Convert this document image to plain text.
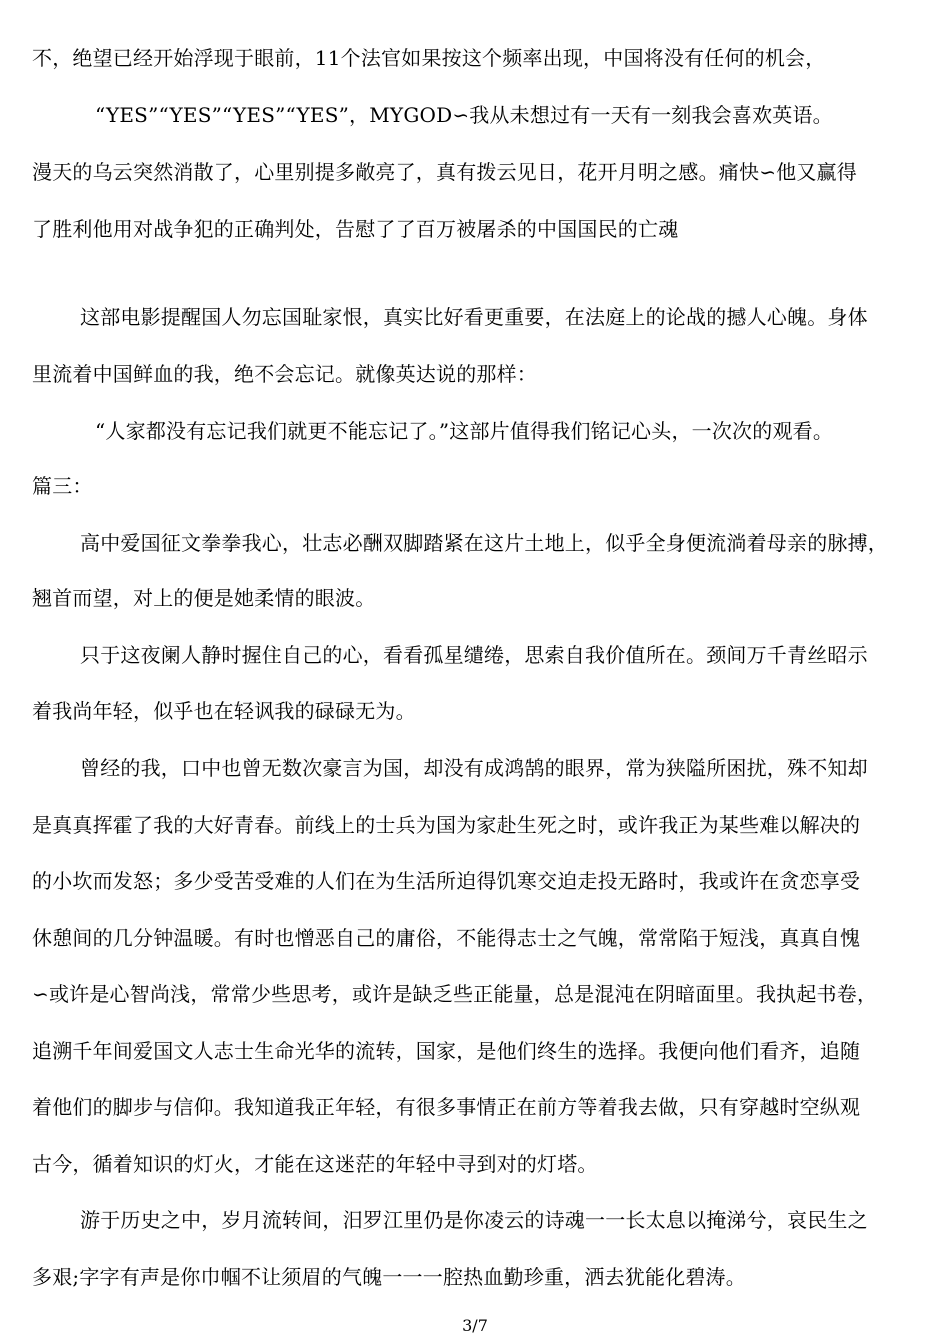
不，绝望已经开始浮现于眼前，11个法官如果按这个频率出现，中国将没有任何的机会，
“YES”“YES”“YES”“YES”，MYGOD∽我从未想过有一天有一刻我会喜欢英语。
漫天的乌云突然消散了，心里别提多敞亮了，真有拨云见日，花开月明之感。痛快∽他又赢得
了胜利他用对战争犯的正确判处，告慰了了百万被屠杀的中国国民的亡魂
这部电影提醒国人勿忘国耻家恨，真实比好看更重要，在法庭上的论战的撼人心魄。身体
里流着中国鲜血的我，绝不会忘记。就像英达说的那样：
“人家都没有忘记我们就更不能忘记了。”这部片值得我们铭记心头，一次次的观看。
篇三：
高中爱国征文拳拳我心，壮志必酬双脚踏紧在这片土地上，似乎全身便流淌着母亲的脉搏，
翘首而望，对上的便是她柔情的眼波。
只于这夜阑人静时握住自己的心，看看孤星缱绻，思索自我价值所在。颈间万千青丝昭示
着我尚年轻，似乎也在轻讽我的碌碌无为。
曾经的我，口中也曾无数次豪言为国，却没有成鸿鹄的眼界，常为狭隘所困扰，殊不知却
是真真挥霍了我的大好青春。前线上的士兵为国为家赴生死之时，或许我正为某些难以解决的
的小坎而发怒；多少受苦受难的人们在为生活所迫得饥寒交迫走投无路时，我或许在贪恋享受
休憩间的几分钟温暖。有时也憎恶自己的庸俗，不能得志士之气魄，常常陷于短浅，真真自愧
∽或许是心智尚浅，常常少些思考，或许是缺乏些正能量，总是混沌在阴暗面里。我执起书卷，
追溯千年间爱国文人志士生命光华的流转，国家，是他们终生的选择。我便向他们看齐，追随
着他们的脚步与信仰。我知道我正年轻，有很多事情正在前方等着我去做，只有穿越时空纵观
古今，循着知识的灯火，才能在这迷茫的年轻中寻到对的灯塔。
游于历史之中，岁月流转间，汨罗江里仍是你凌云的诗魂一一长太息以掩涕兮，哀民生之
多艰;字字有声是你巾帼不让须眉的气魄一一一腔热血勤珍重，洒去犹能化碧涛。
3/7
